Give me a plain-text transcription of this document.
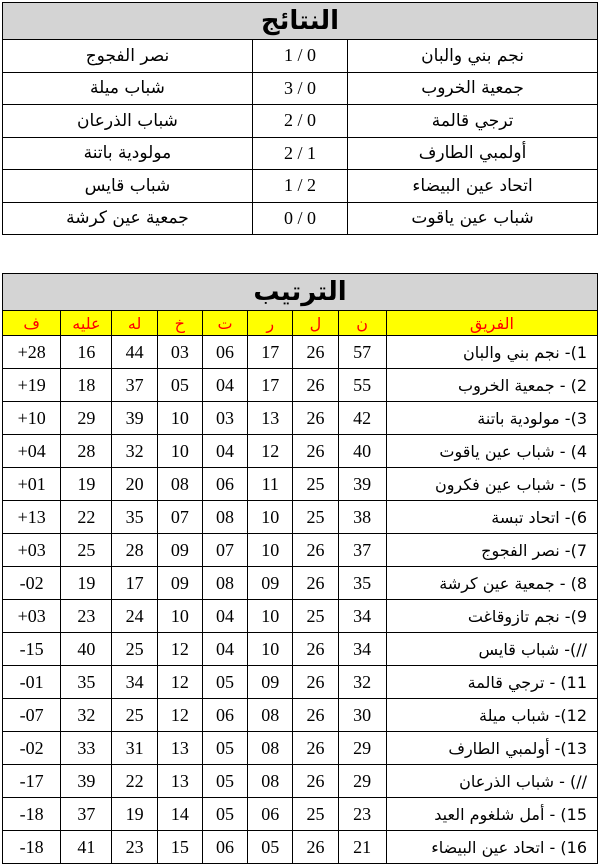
النتائج		
نجم بني والبان	1 / 0	نصر الفجوج
جمعية الخروب	3 / 0	شباب ميلة
ترجي قالمة	2 / 0	شباب الذرعان
أولمبي الطارف	2 / 1	مولودية باتنة
اتحاد عين البيضاء	1 / 2	شباب قايس
شباب عين ياقوت	0 / 0	جمعية عين كرشة
الترتيب								
الفريق	ن	ل	ر	ت	خ	له	عليه	ف
1)- نجم بني والبان	57	26	17	06	03	44	16	+28
2) - جمعية الخروب	55	26	17	04	05	37	18	+19
3)- مولودية باتنة	42	26	13	03	10	39	29	+10
4) - شباب عين ياقوت	40	26	12	04	10	32	28	+04
5) - شباب عين فكرون	39	25	11	06	08	20	19	+01
6)- اتحاد تبسة	38	25	10	08	07	35	22	+13
7)- نصر الفجوج	37	26	10	07	09	28	25	+03
8) - جمعية عين كرشة	35	26	09	08	09	17	19	-02
9)- نجم تازوقاغت	34	25	10	04	10	24	23	+03
//)- شباب قايس	34	26	10	04	12	25	40	-15
11) - ترجي قالمة	32	26	09	05	12	34	35	-01
12)- شباب ميلة	30	26	08	06	12	25	32	-07
13)- أولمبي الطارف	29	26	08	05	13	31	33	-02
//) - شباب الذرعان	29	26	08	05	13	22	39	-17
15) - أمل شلغوم العيد	23	25	06	05	14	19	37	-18
16) - اتحاد عين البيضاء	21	26	05	06	15	23	41	-18
